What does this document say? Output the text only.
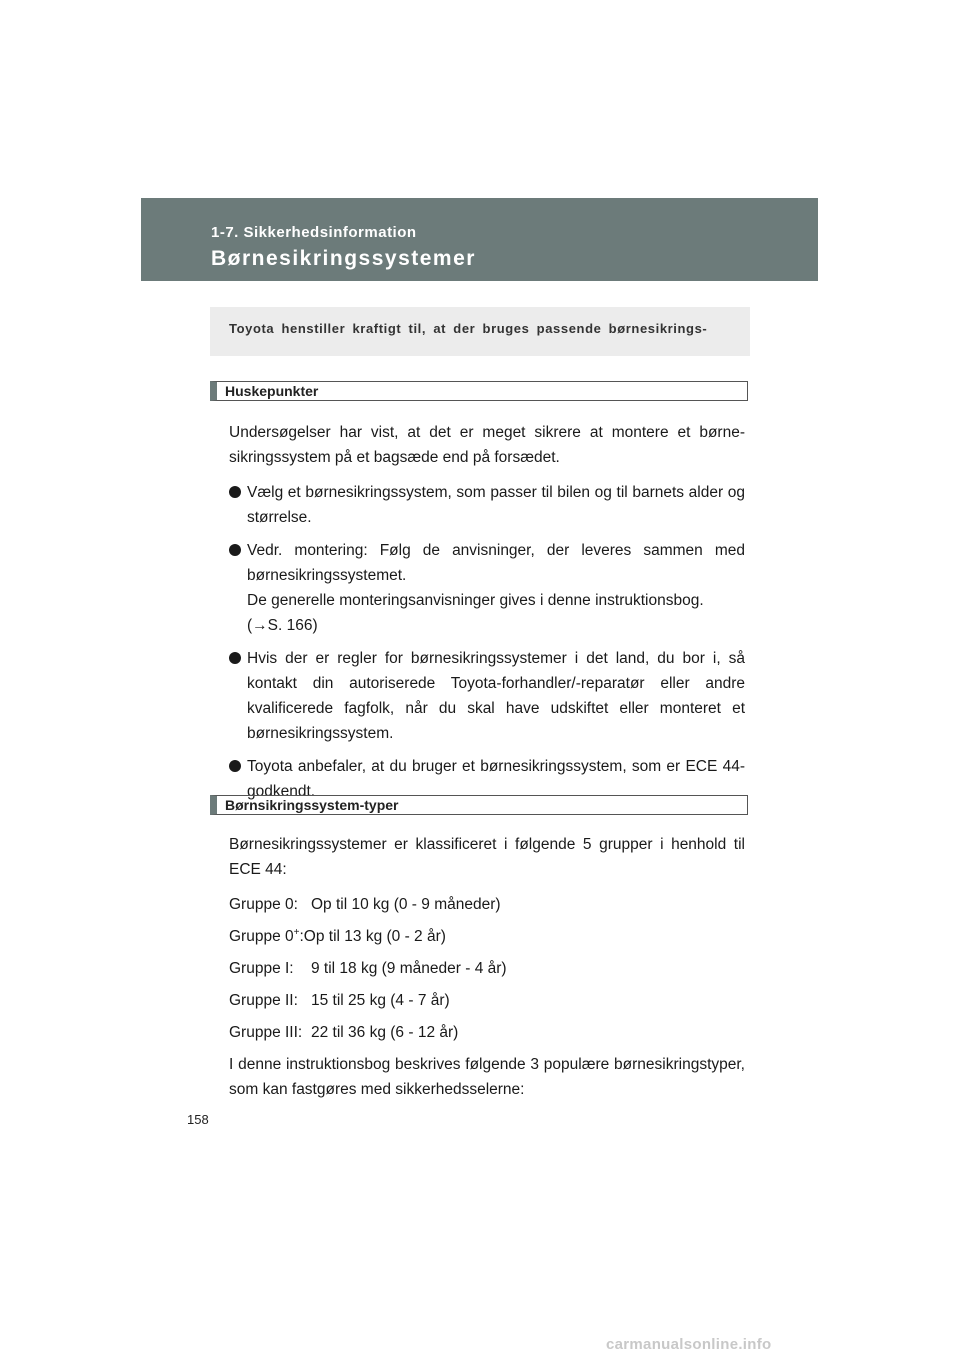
1-7. Sikkerhedsinformation
Børnesikringssystemer
Toyota henstiller kraftigt til, at der bruges passende børnesikrings-
Huskepunkter

Undersøgelser har vist, at det er meget sikrere at montere et børnesikringssystem på et bagsæde end på forsædet.

Vælg et børnesikringssystem, som passer til bilen og til barnets alder og størrelse.
Vedr. montering: Følg de anvisninger, der leveres sammen med børnesikringssystemet.
De generelle monteringsanvisninger gives i denne instruktionsbog.
(→S. 166)
Hvis der er regler for børnesikringssystemer i det land, du bor i, så kontakt din autoriserede Toyota-forhandler/-reparatør eller andre kvalificerede fagfolk, når du skal have udskiftet eller monteret et børnesikringssystem.
Toyota anbefaler, at du bruger et børnesikringssystem, som er ECE 44-godkendt.
Børnsikringssystem-typer

Børnesikringssystemer er klassificeret i følgende 5 grupper i henhold til ECE 44:

Gruppe 0: Op til 10 kg (0 - 9 måneder)
Gruppe 0+:Op til 13 kg (0 - 2 år)
Gruppe I: 9 til 18 kg (9 måneder - 4 år)
Gruppe II: 15 til 25 kg (4 - 7 år)
Gruppe III: 22 til 36 kg (6 - 12 år)

I denne instruktionsbog beskrives følgende 3 populære børnesikringstyper, som kan fastgøres med sikkerhedsselerne:

158
carmanualsonline.info
